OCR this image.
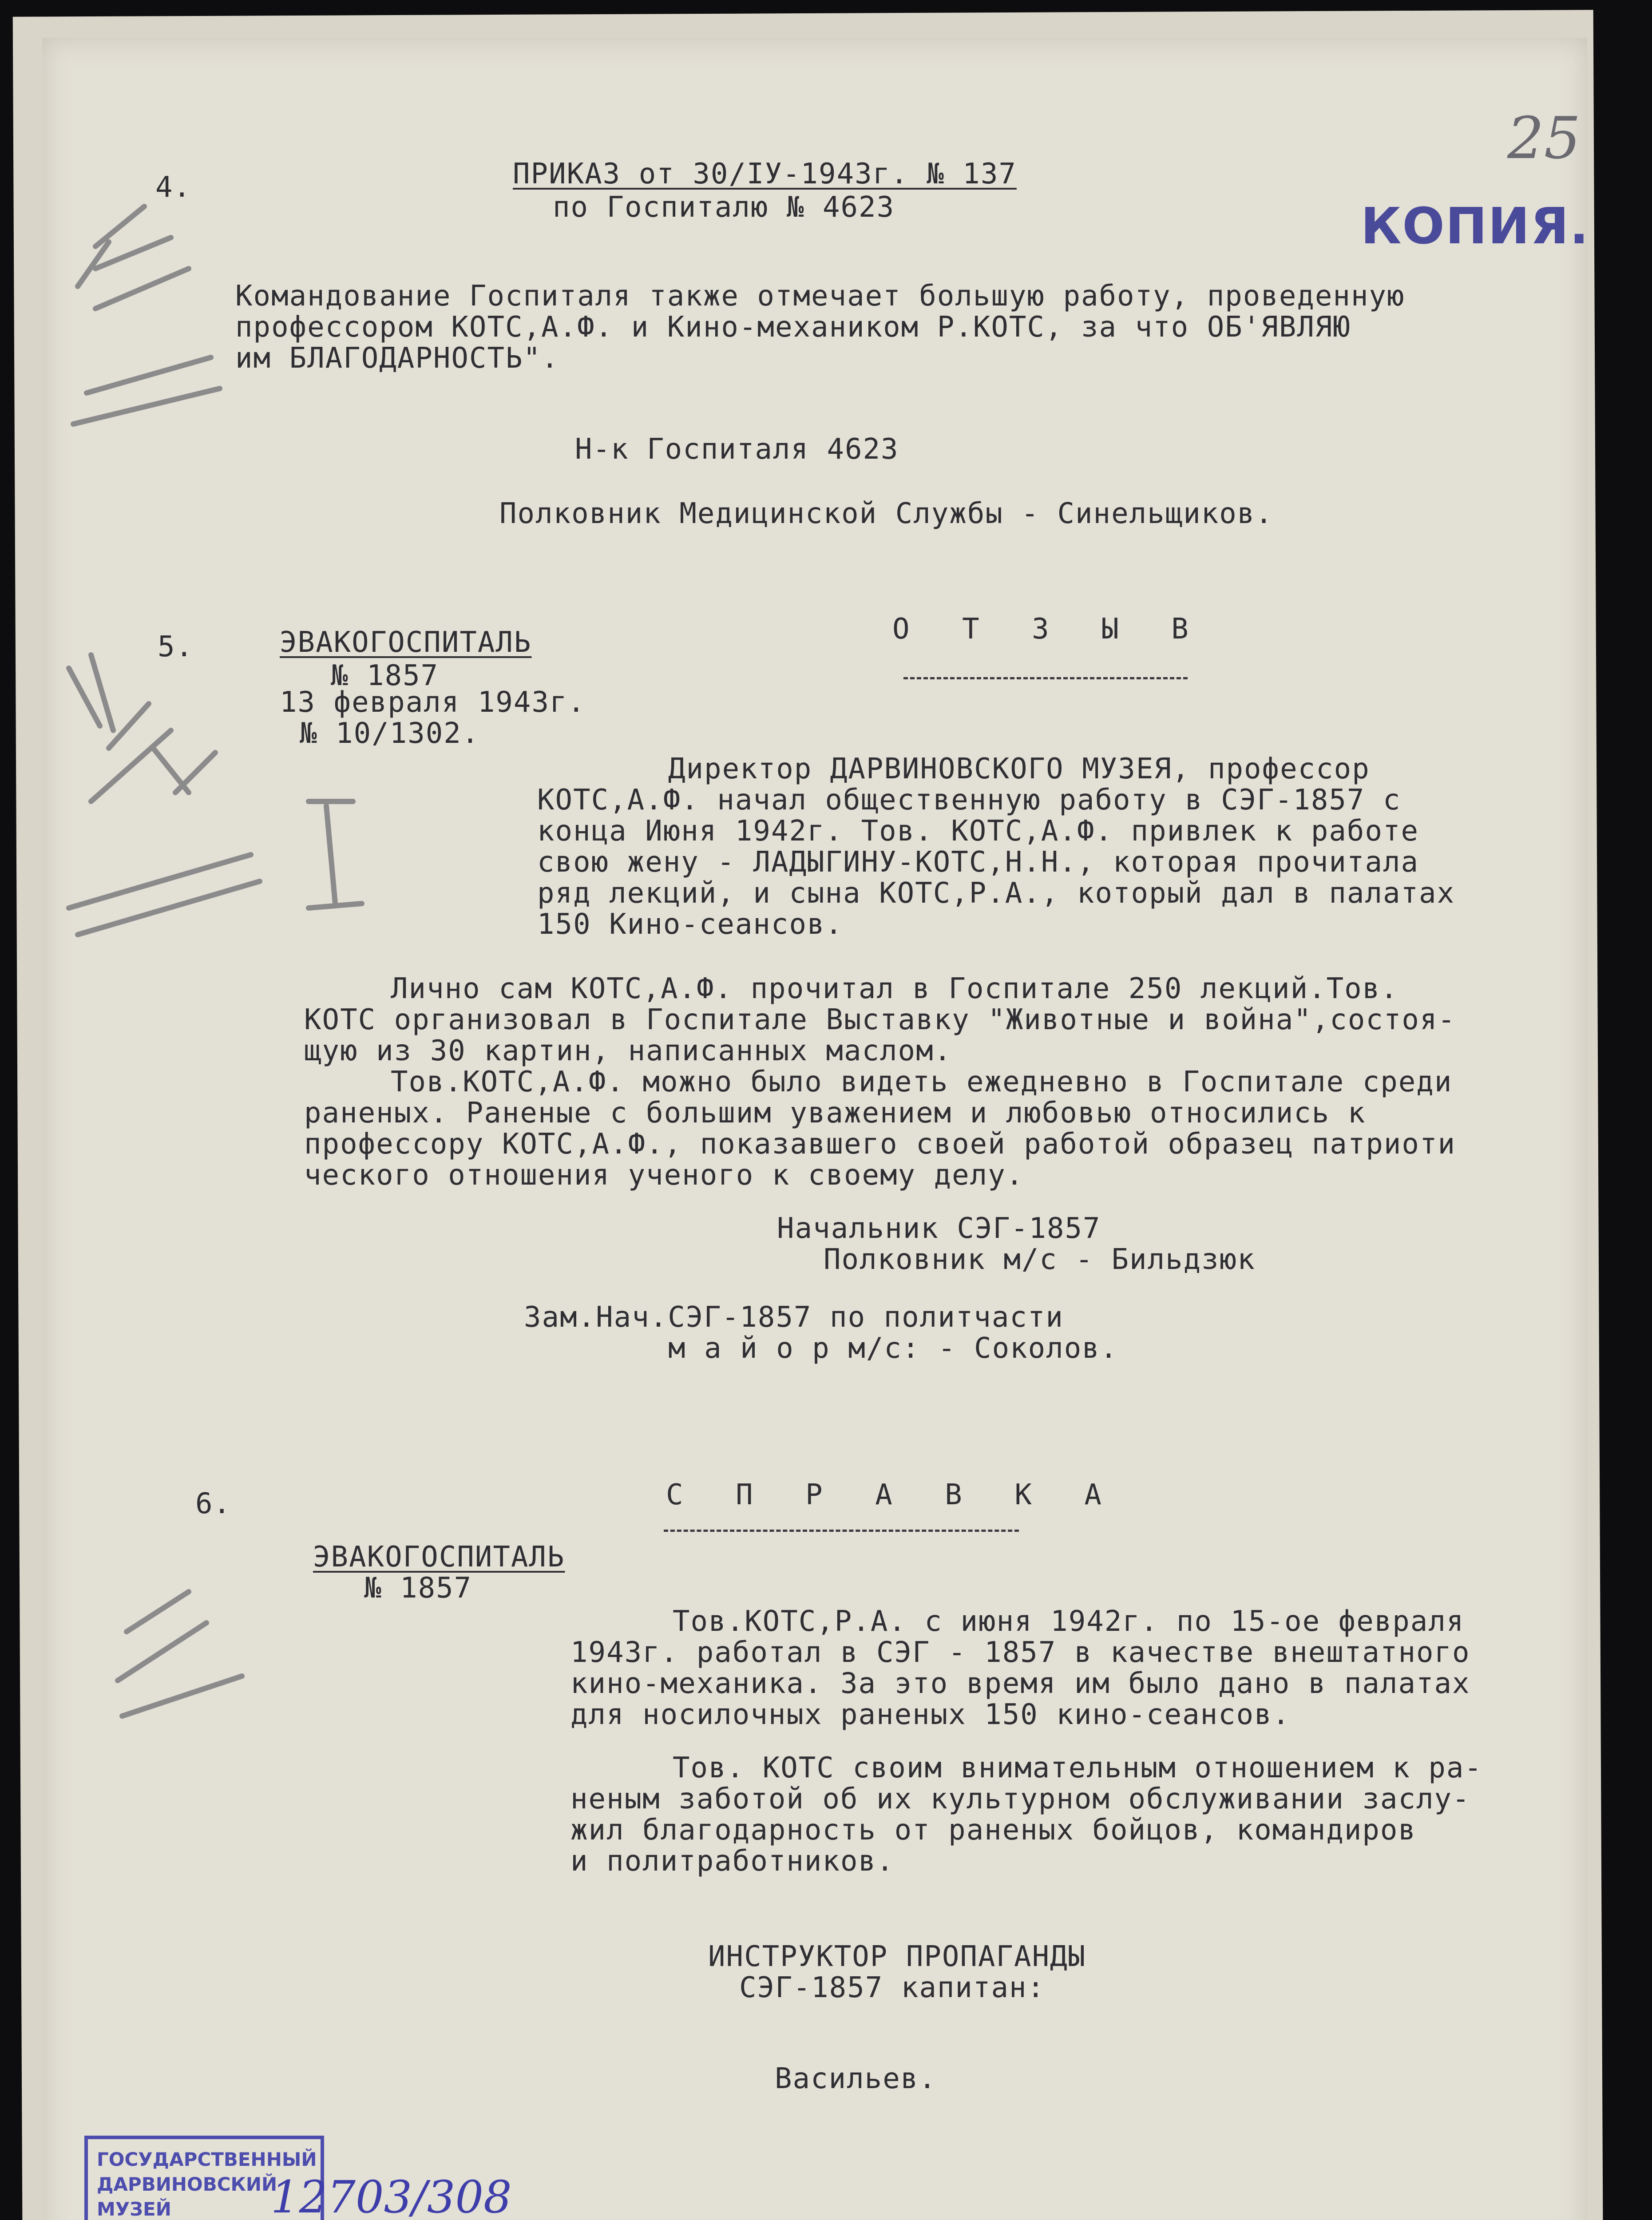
25
КОПИЯ.
4.	ПРИКАЗ от 30/IУ-1943г. № 137
по Госпиталю № 4623
Командование Госпиталя также отмечает большую работу, проведенную
профессором КОТС,А.Ф. и Кино-механиком Р.КОТС, за что ОБ'ЯВЛЯЮ
им БЛАГОДАРНОСТЬ".
Н-к Госпиталя 4623
Полковник Медицинской Службы - Синельщиков.
5.	ЭВАКОГОСПИТАЛЬ
№ 1857
13 февраля 1943г.
№ 10/1302.
О Т З Ы В
Директор ДАРВИНОВСКОГО МУЗЕЯ, профессор
КОТС,А.Ф. начал общественную работу в СЭГ-1857 с
конца Июня 1942г. Тов. КОТС,А.Ф. привлек к работе
свою жену - ЛАДЫГИНУ-КОТС,Н.Н., которая прочитала
ряд лекций, и сына КОТС,Р.А., который дал в палатах
150 Кино-сеансов.
Лично сам КОТС,А.Ф. прочитал в Госпитале 250 лекций.Тов.
КОТС организовал в Госпитале Выставку "Животные и война",состоя-
щую из 30 картин, написанных маслом.
Тов.КОТС,А.Ф. можно было видеть ежедневно в Госпитале среди
раненых. Раненые с большим уважением и любовью относились к
профессору КОТС,А.Ф., показавшего своей работой образец патриоти
ческого отношения ученого к своему делу.
Начальник СЭГ-1857
Полковник м/с - Бильдзюк
Зам.Нач.СЭГ-1857 по политчасти
м а й о р м/с: - Соколов.
6.	С П Р А В К А
ЭВАКОГОСПИТАЛЬ
№ 1857
Тов.КОТС,Р.А. с июня 1942г. по 15-ое февраля
1943г. работал в СЭГ - 1857 в качестве внештатного
кино-механика. За это время им было дано в палатах
для носилочных раненых 150 кино-сеансов.
Тов. КОТС своим внимательным отношением к ра-
неным заботой об их культурном обслуживании заслу-
жил благодарность от раненых бойцов, командиров
и политработников.
ИНСТРУКТОР ПРОПАГАНДЫ
СЭГ-1857 капитан:
Васильев.
ГОСУДАРСТВЕННЫЙ
ДАРВИНОВСКИЙ МУЗЕЙ	12703/308
